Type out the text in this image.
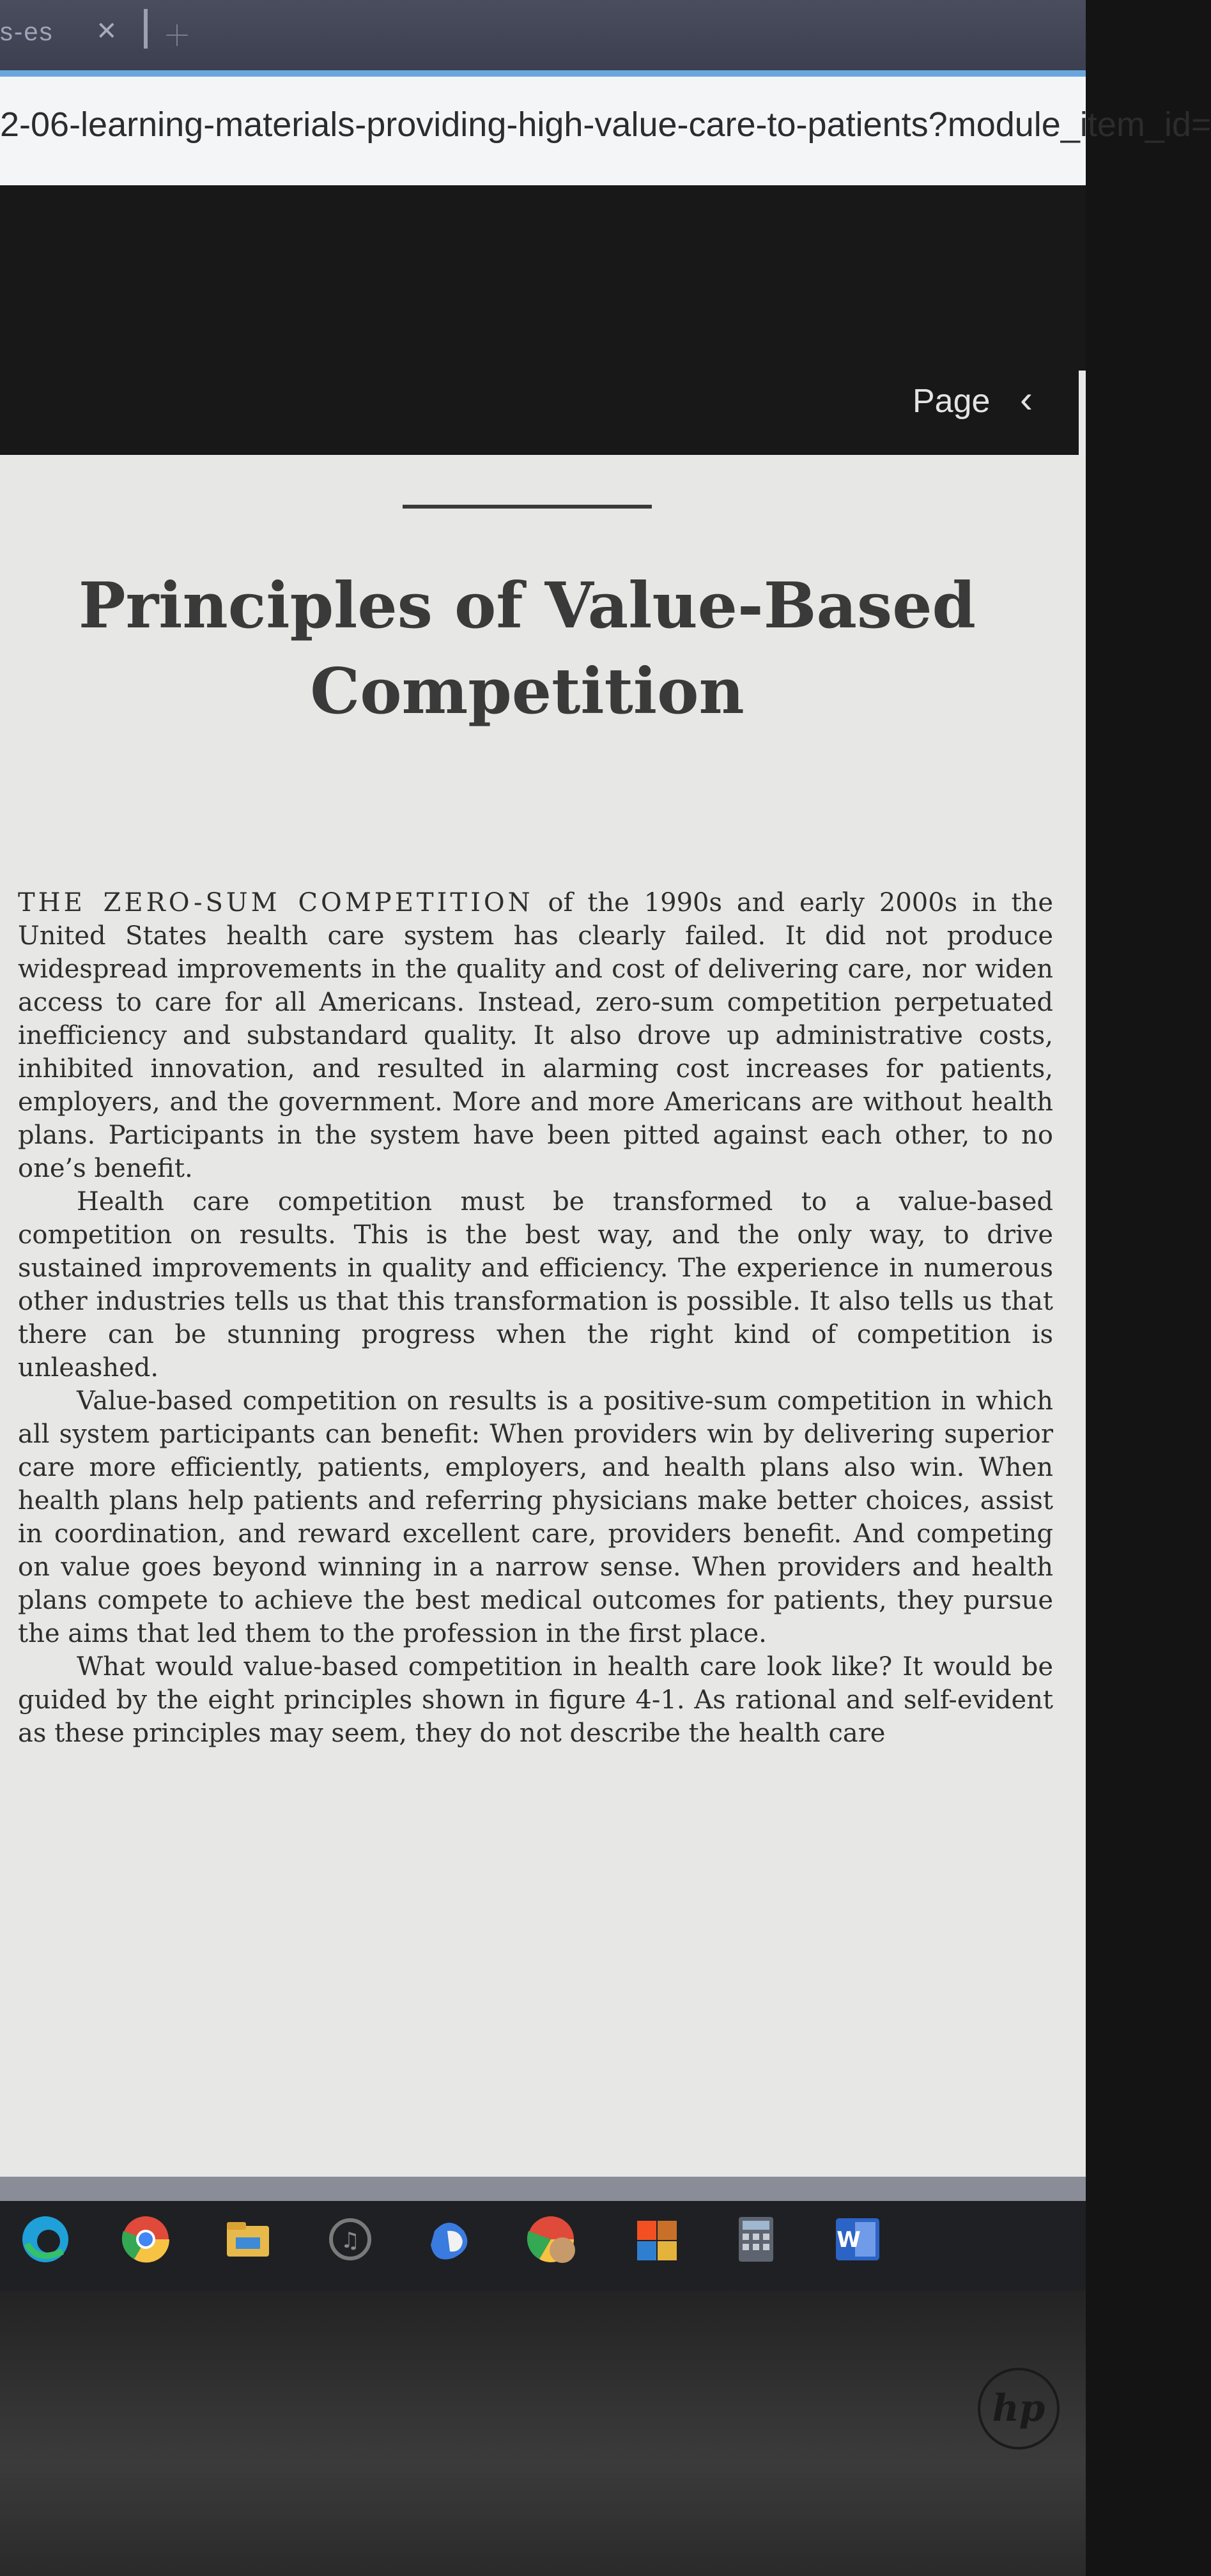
s-es ✕ ＋
2-06-learning-materials-providing-high-value-care-to-patients?module_item_id=
Page ‹
Principles of Value-Based
Competition

THE ZERO-SUM COMPETITION of the 1990s and early 2000s in the United States health care system has clearly failed. It did not produce widespread improvements in the quality and cost of delivering care, nor widen access to care for all Americans. Instead, zero-sum competition perpetuated inefficiency and substandard quality. It also drove up administrative costs, inhibited innovation, and resulted in alarming cost increases for patients, employers, and the government. More and more Americans are without health plans. Participants in the system have been pitted against each other, to no one’s benefit.

Health care competition must be transformed to a value-based competition on results. This is the best way, and the only way, to drive sustained improvements in quality and efficiency. The experience in numerous other industries tells us that this transformation is possible. It also tells us that there can be stunning progress when the right kind of competition is unleashed.

Value-based competition on results is a positive-sum competition in which all system participants can benefit: When providers win by delivering superior care more efficiently, patients, employers, and health plans also win. When health plans help patients and referring physicians make better choices, assist in coordination, and reward excellent care, providers benefit. And competing on value goes beyond winning in a narrow sense. When providers and health plans compete to achieve the best medical outcomes for patients, they pursue the aims that led them to the profession in the first place.

What would value-based competition in health care look like? It would be guided by the eight principles shown in figure 4-1. As rational and self-evident as these principles may seem, they do not describe the health care

♫	W
hp
